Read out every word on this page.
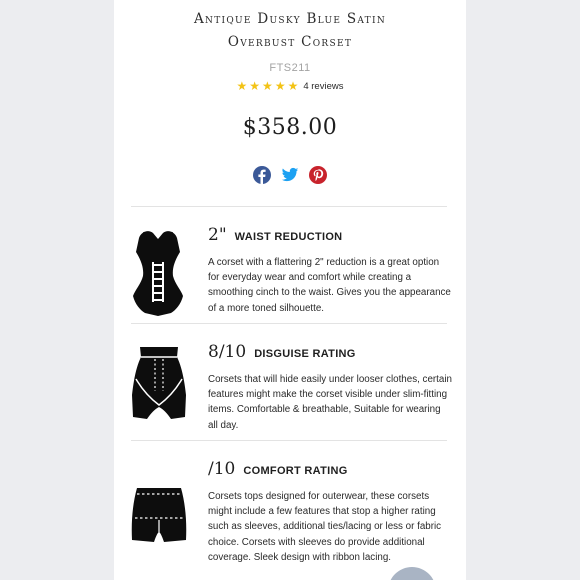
Antique Dusky Blue Satin
Overbust Corset
FTS211
★ ★ ★ ★ ★ 4 reviews
$358.00
2" WAIST REDUCTION
A corset with a flattering 2" reduction is a great option for everyday wear and comfort while creating a smoothing cinch to the waist. Gives you the appearance of a more toned silhouette.
8/10 DISGUISE RATING
Corsets that will hide easily under looser clothes, certain features might make the corset visible under slim-fitting items. Comfortable & breathable, Suitable for wearing all day.
/10 COMFORT RATING
Corsets tops designed for outerwear, these corsets might include a few features that stop a higher rating such as sleeves, additional ties/lacing or less or fabric choice. Corsets with sleeves do provide additional coverage. Sleek design with ribbon lacing.
